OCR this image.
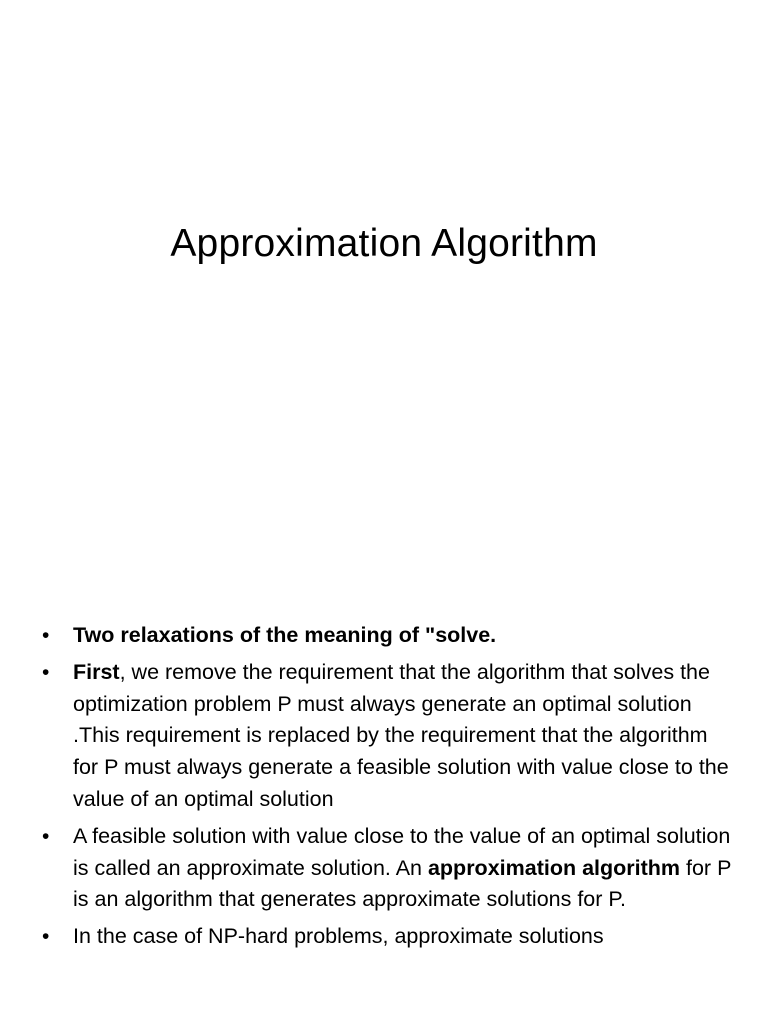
Approximation Algorithm
•	Two relaxations of the meaning of "solve.
•	First, we remove the requirement that the algorithm that solves the optimization problem P must always generate an optimal solution .This requirement is replaced by the requirement that the algorithm for P must always generate a feasible solution with value close to the value of an optimal solution
•	A feasible solution with value close to the value of an optimal solution is called an approximate solution. An approximation algorithm for P is an algorithm that generates approximate solutions for P.
•	In the case of NP-hard problems, approximate solutions
